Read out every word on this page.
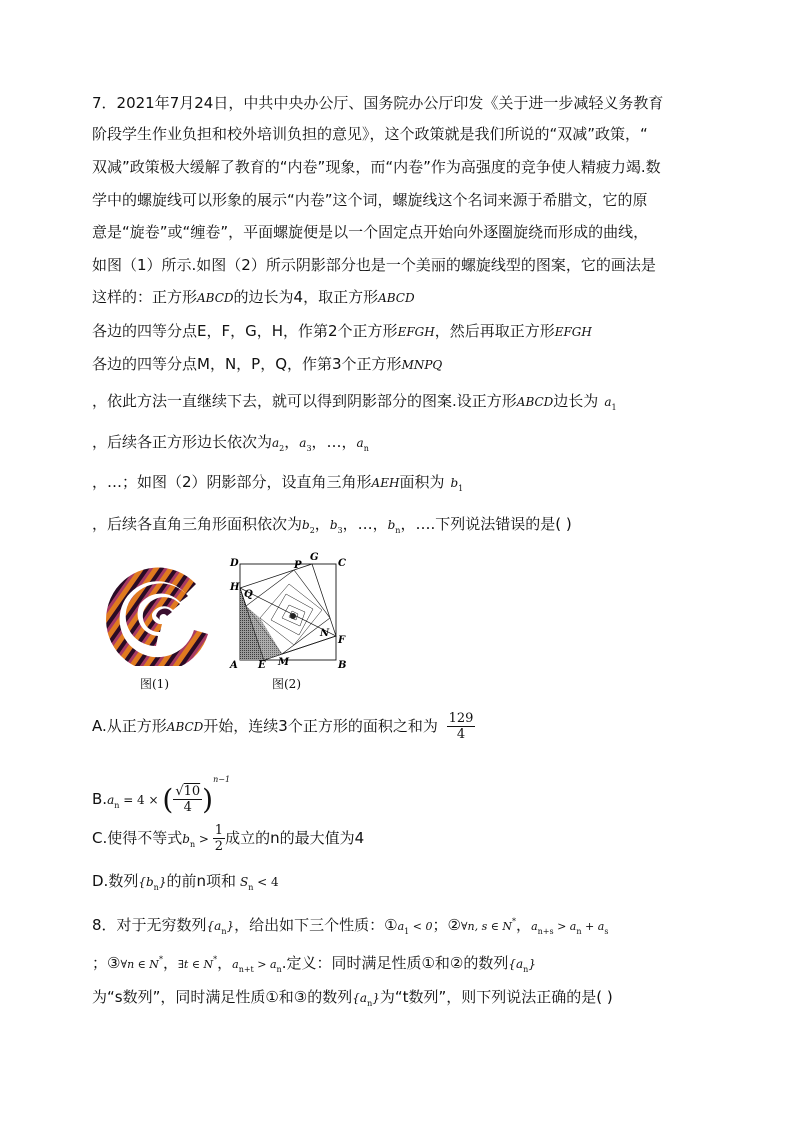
7．2021年7月24日，中共中央办公厅、国务院办公厅印发《关于进一步减轻义务教育
阶段学生作业负担和校外培训负担的意见》，这个政策就是我们所说的“双减”政策，“
双减”政策极大缓解了教育的“内卷”现象，而“内卷”作为高强度的竞争使人精疲力竭.数
学中的螺旋线可以形象的展示“内卷”这个词，螺旋线这个名词来源于希腊文，它的原
意是“旋卷”或“缠卷”，平面螺旋便是以一个固定点开始向外逐圈旋绕而形成的曲线，
如图（1）所示.如图（2）所示阴影部分也是一个美丽的螺旋线型的图案，它的画法是
这样的：正方形ABCD的边长为4，取正方形ABCD
各边的四等分点E，F，G，H，作第2个正方形EFGH，然后再取正方形EFGH
各边的四等分点M，N，P，Q，作第3个正方形MNPQ
，依此方法一直继续下去，就可以得到阴影部分的图案.设正方形ABCD边长为 $a_1$
，后续各正方形边长依次为$a_2$，$a_3$，…，$a_n$
，…；如图（2）阴影部分，设直角三角形AEH面积为 $b_1$
，后续各直角三角形面积依次为$b_2$，$b_3$，…，$b_n$，….下列说法错误的是( )
图(1)
D
G
C
H
P
Q
N
F
A E M	B
图(2)
A.从正方形ABCD开始，连续3个正方形的面积之和为 $\frac{129}{4}$
$B.a_n = 4$ × ( $\frac{√10}{4} )^{n-1}$
C.使得不等式$b_n > \frac{1}{2}$ 成立的n的最大值为4
D.数列$\{b_n\}$的前n项和 $S_n < 4$
8．对于无穷数列$\{a_n\}$，给出如下三个性质：$①a_1 < 0$；②∀n, s ∈ N*，$a_{n+s} > a_n + a_s$
；③∀n ∈ N*，∃t ∈ N*，$a_{n+t} > a_n$.定义：同时满足性质①和②的数列$\{a_n\}$
为“s数列”，同时满足性质①和③的数列$\{a_n\}$为“t数列”，则下列说法正确的是( )
